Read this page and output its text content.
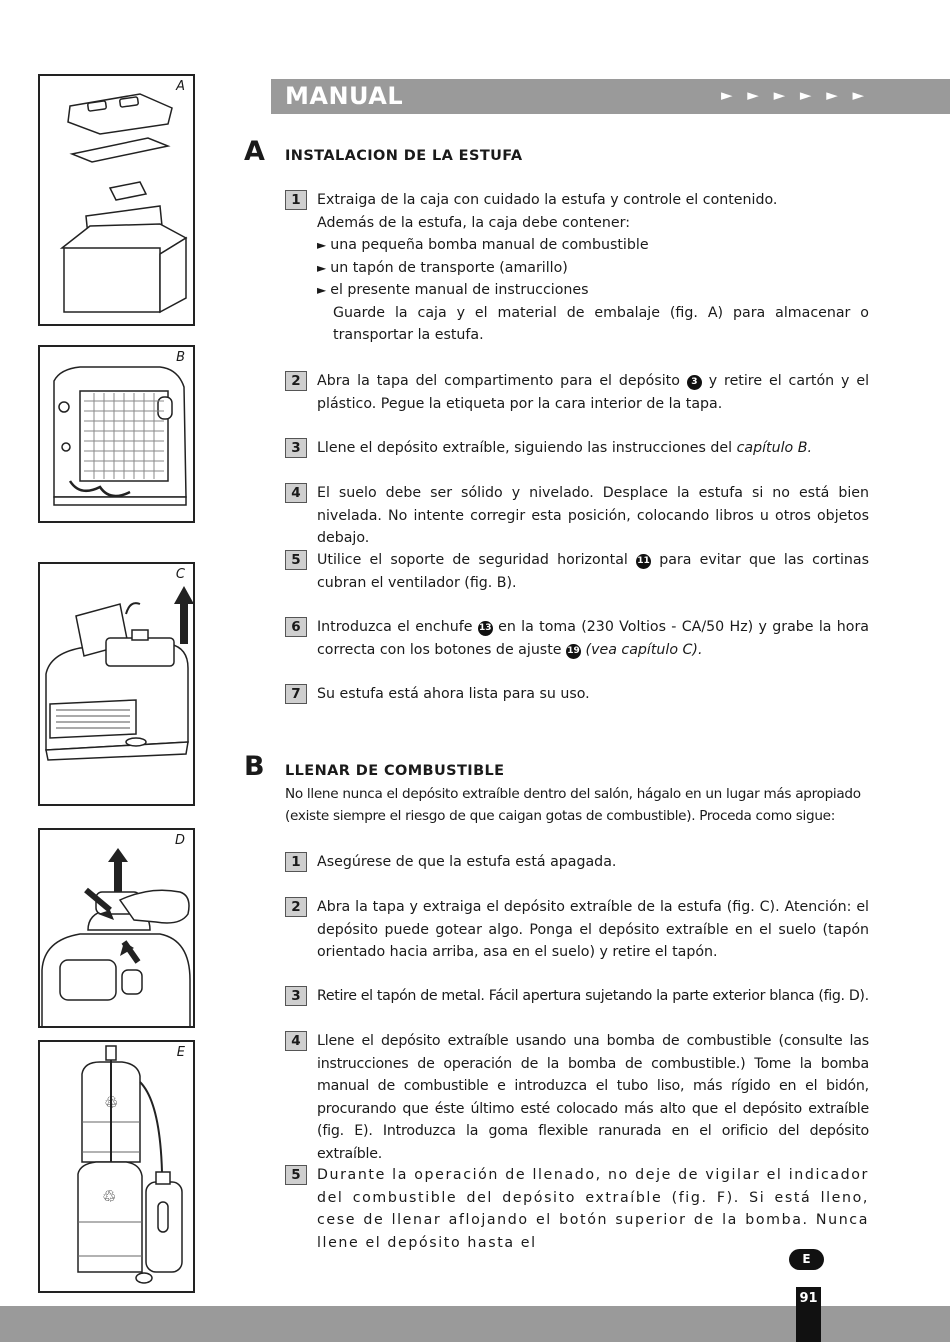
A
B
C
D
E
♲
♲
MANUAL	► ► ► ► ► ►
A INSTALACION DE LA ESTUFA
1	Extraiga de la caja con cuidado la estufa y controle el contenido.
Además de la estufa, la caja debe contener:
► una pequeña bomba manual de combustible
► un tapón de transporte (amarillo)
► el presente manual de instrucciones
Guarde la caja y el material de embalaje (fig. A) para almacenar o transportar la estufa.
2	Abra la tapa del compartimento para el depósito 3 y retire el cartón y el plástico. Pegue la etiqueta por la cara interior de la tapa.
3	Llene el depósito extraíble, siguiendo las instrucciones del capítulo B.
4	El suelo debe ser sólido y nivelado. Desplace la estufa si no está bien nivelada. No intente corregir esta posición, colocando libros u otros objetos debajo.
5	Utilice el soporte de seguridad horizontal 11 para evitar que las cortinas cubran el ventilador (fig. B).
6	Introduzca el enchufe 13 en la toma (230 Voltios - CA/50 Hz) y grabe la hora correcta con los botones de ajuste 19 (vea capítulo C).
7	Su estufa está ahora lista para su uso.
B LLENAR DE COMBUSTIBLE
No llene nunca el depósito extraíble dentro del salón, hágalo en un lugar más apropiado (existe siempre el riesgo de que caigan gotas de combustible). Proceda como sigue:
1	Asegúrese de que la estufa está apagada.
2	Abra la tapa y extraiga el depósito extraíble de la estufa (fig. C). Atención: el depósito puede gotear algo. Ponga el depósito extraíble en el suelo (tapón orientado hacia arriba, asa en el suelo) y retire el tapón.
3	Retire el tapón de metal. Fácil apertura sujetando la parte exterior blanca (fig. D).
4	Llene el depósito extraíble usando una bomba de combustible (consulte las instrucciones de operación de la bomba de combustible.) Tome la bomba manual de combustible e introduzca el tubo liso, más rígido en el bidón, procurando que éste último esté colocado más alto que el depósito extraíble (fig. E). Introduzca la goma flexible ranurada en el orificio del depósito extraíble.
5	Durante la operación de llenado, no deje de vigilar el indicador del combustible del depósito extraíble (fig. F). Si está lleno, cese de llenar aflojando el botón superior de la bomba. Nunca llene el depósito hasta el
E
91
